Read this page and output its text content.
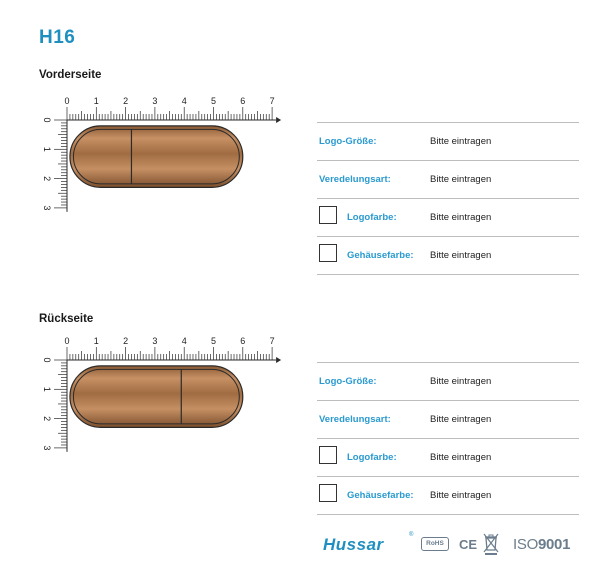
H16
Vorderseite
0	1	2	3	4	5	6	7
0
1
2
3
Logo-Größe:	Bitte eintragen
Veredelungsart:	Bitte eintragen
Logofarbe:	Bitte eintragen
Gehäusefarbe: Bitte eintragen
Rückseite
0	1	2	3	4	5	6	7
0
1
2
3
Logo-Größe:	Bitte eintragen
Veredelungsart:	Bitte eintragen
Logofarbe:	Bitte eintragen
Gehäusefarbe: Bitte eintragen
Hussar	®
RoHS	CE ISO9001
